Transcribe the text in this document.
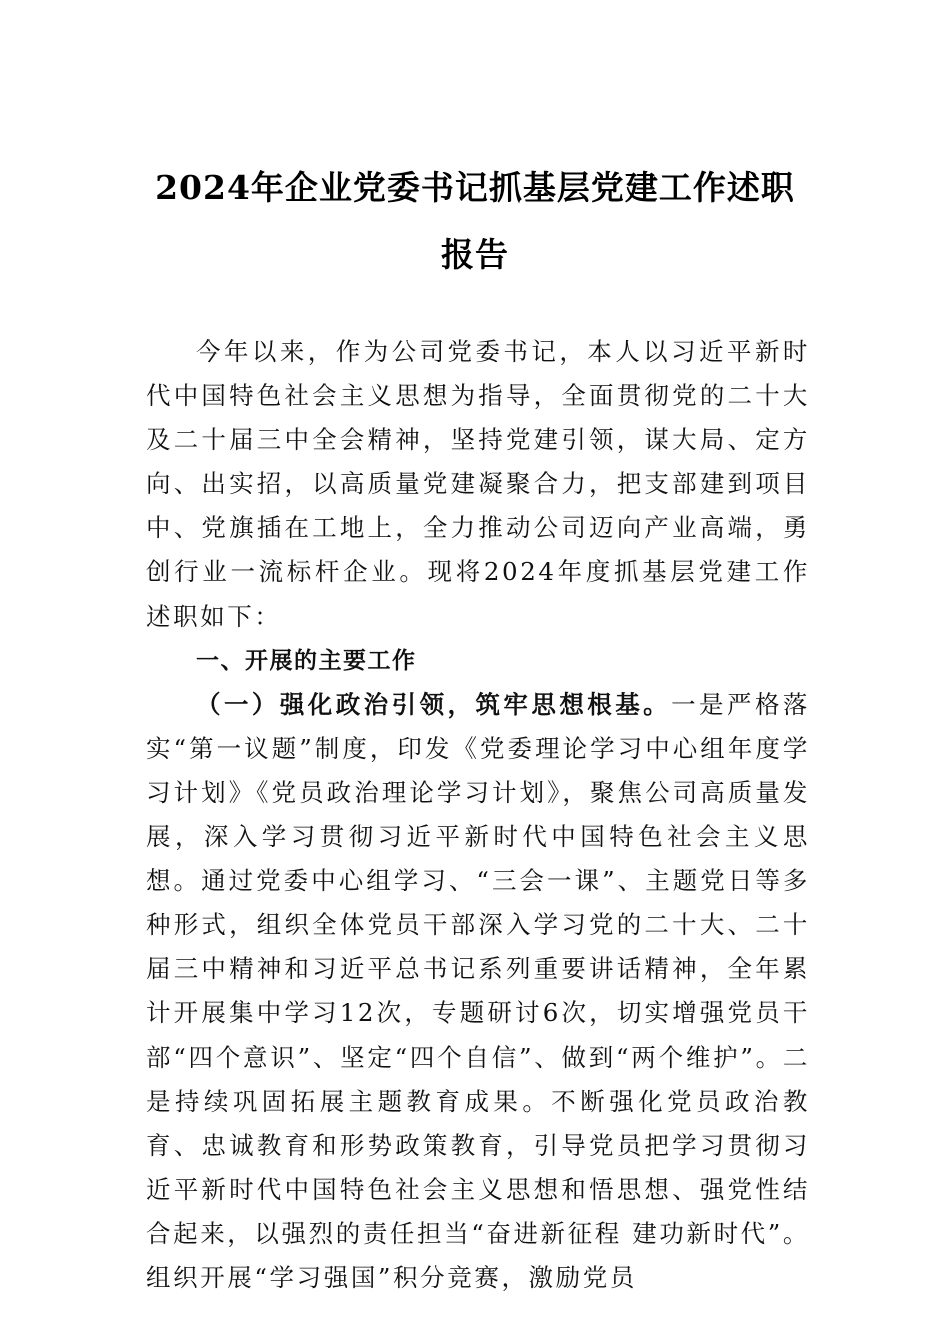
2024年企业党委书记抓基层党建工作述职
报告

今年以来，作为公司党委书记，本人以习近平新时代中国特色社会主义思想为指导，全面贯彻党的二十大及二十届三中全会精神，坚持党建引领，谋大局、定方向、出实招，以高质量党建凝聚合力，把支部建到项目中、党旗插在工地上，全力推动公司迈向产业高端，勇创行业一流标杆企业。现将2024年度抓基层党建工作述职如下：

一、开展的主要工作

（一）强化政治引领，筑牢思想根基。一是严格落实“第一议题”制度，印发《党委理论学习中心组年度学习计划》《党员政治理论学习计划》，聚焦公司高质量发展，深入学习贯彻习近平新时代中国特色社会主义思想。通过党委中心组学习、“三会一课”、主题党日等多种形式，组织全体党员干部深入学习党的二十大、二十届三中精神和习近平总书记系列重要讲话精神，全年累计开展集中学习12次，专题研讨6次，切实增强党员干部“四个意识”、坚定“四个自信”、做到“两个维护”。二是持续巩固拓展主题教育成果。不断强化党员政治教育、忠诚教育和形势政策教育，引导党员把学习贯彻习近平新时代中国特色社会主义思想和悟思想、强党性结合起来，以强烈的责任担当“奋进新征程 建功新时代”。组织开展“学习强国”积分竞赛，激励党员
